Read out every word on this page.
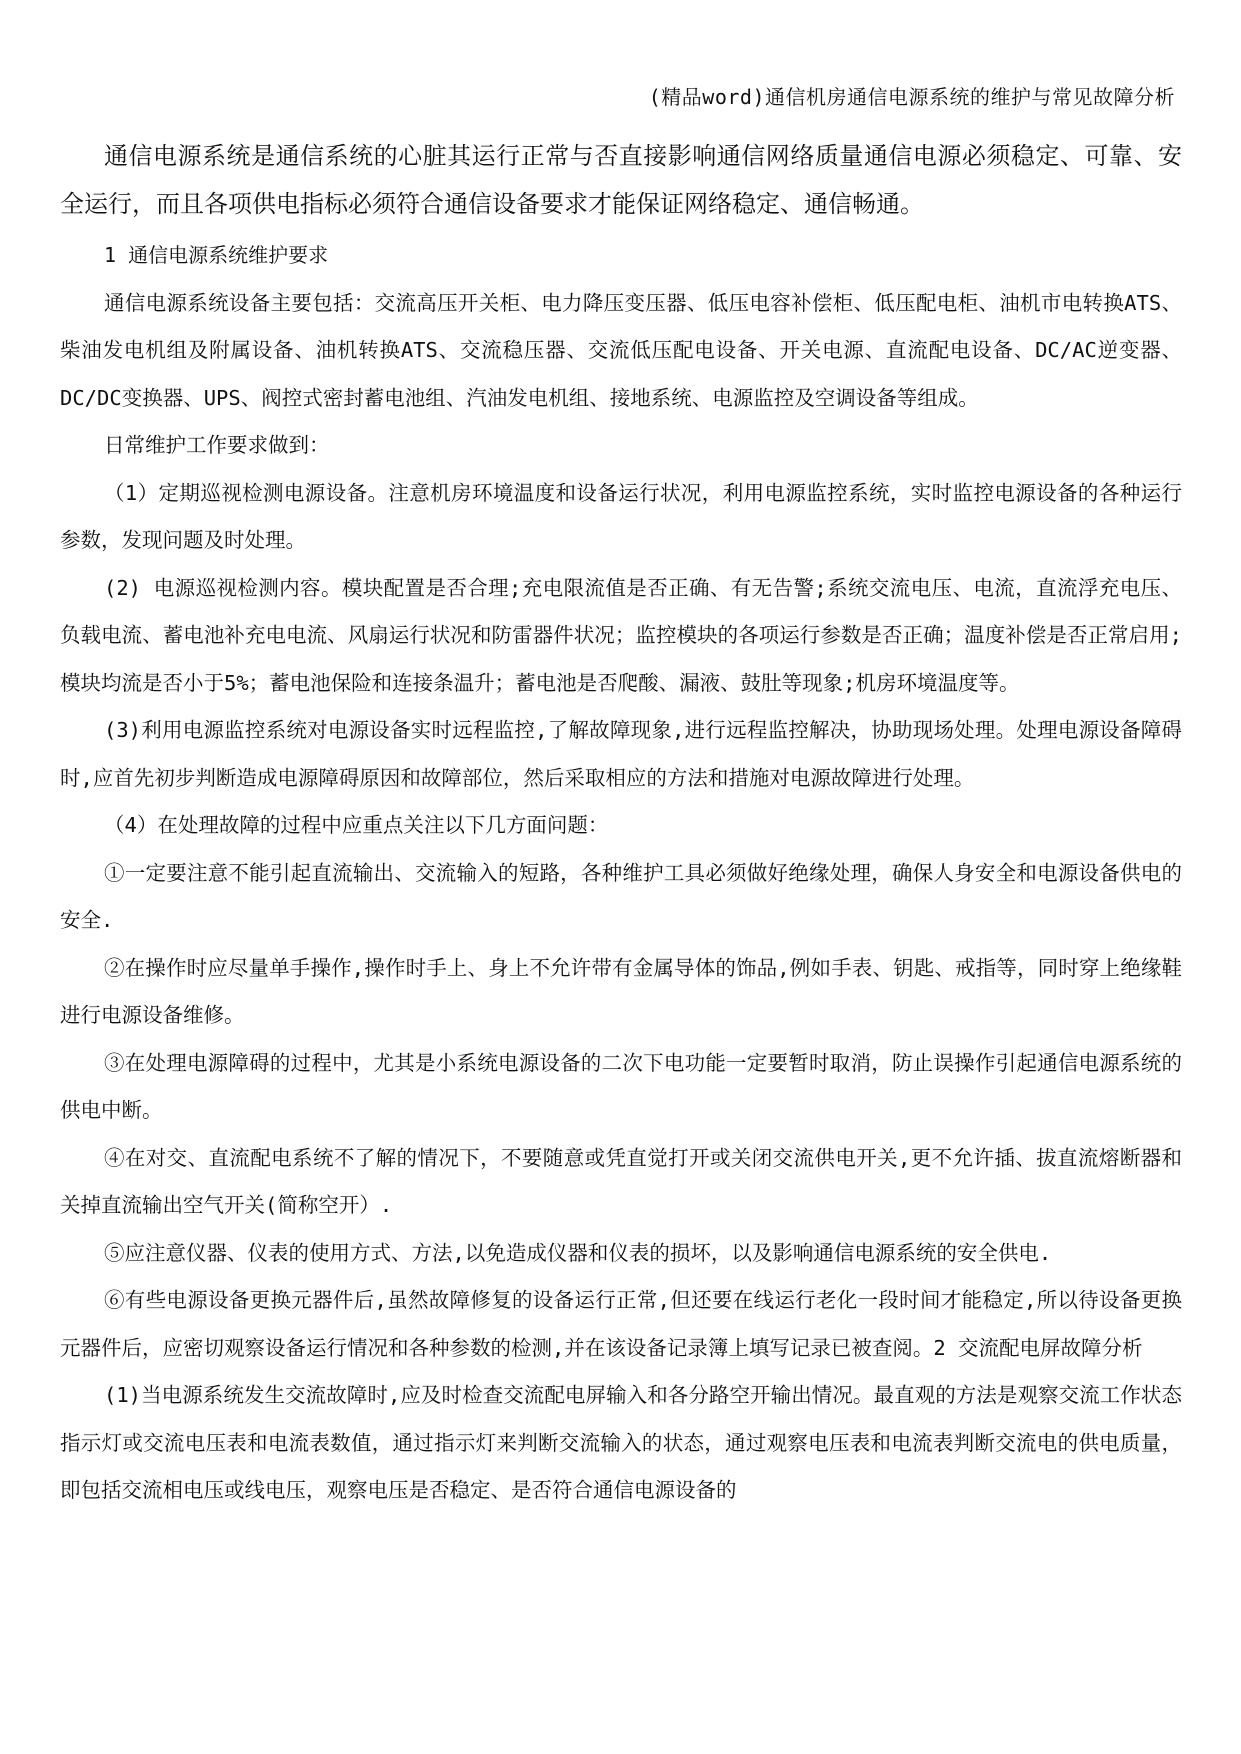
(精品word)通信机房通信电源系统的维护与常见故障分析

通信电源系统是通信系统的心脏其运行正常与否直接影响通信网络质量通信电源必须稳定、可靠、安全运行，而且各项供电指标必须符合通信设备要求才能保证网络稳定、通信畅通。

1 通信电源系统维护要求

通信电源系统设备主要包括：交流高压开关柜、电力降压变压器、低压电容补偿柜、低压配电柜、油机市电转换ATS、柴油发电机组及附属设备、油机转换ATS、交流稳压器、交流低压配电设备、开关电源、直流配电设备、DC/AC逆变器、DC/DC变换器、UPS、阀控式密封蓄电池组、汽油发电机组、接地系统、电源监控及空调设备等组成。

日常维护工作要求做到：

（1）定期巡视检测电源设备。注意机房环境温度和设备运行状况，利用电源监控系统，实时监控电源设备的各种运行参数，发现问题及时处理。

(2) 电源巡视检测内容。模块配置是否合理;充电限流值是否正确、有无告警;系统交流电压、电流，直流浮充电压、负载电流、蓄电池补充电电流、风扇运行状况和防雷器件状况；监控模块的各项运行参数是否正确；温度补偿是否正常启用;模块均流是否小于5%；蓄电池保险和连接条温升；蓄电池是否爬酸、漏液、鼓肚等现象;机房环境温度等。

(3)利用电源监控系统对电源设备实时远程监控,了解故障现象,进行远程监控解决，协助现场处理。处理电源设备障碍时,应首先初步判断造成电源障碍原因和故障部位，然后采取相应的方法和措施对电源故障进行处理。

（4）在处理故障的过程中应重点关注以下几方面问题：

①一定要注意不能引起直流输出、交流输入的短路，各种维护工具必须做好绝缘处理，确保人身安全和电源设备供电的安全.

②在操作时应尽量单手操作,操作时手上、身上不允许带有金属导体的饰品,例如手表、钥匙、戒指等，同时穿上绝缘鞋进行电源设备维修。

③在处理电源障碍的过程中，尤其是小系统电源设备的二次下电功能一定要暂时取消，防止误操作引起通信电源系统的供电中断。

④在对交、直流配电系统不了解的情况下，不要随意或凭直觉打开或关闭交流供电开关,更不允许插、拔直流熔断器和关掉直流输出空气开关(简称空开）.

⑤应注意仪器、仪表的使用方式、方法,以免造成仪器和仪表的损坏，以及影响通信电源系统的安全供电.

⑥有些电源设备更换元器件后,虽然故障修复的设备运行正常,但还要在线运行老化一段时间才能稳定,所以待设备更换元器件后，应密切观察设备运行情况和各种参数的检测,并在该设备记录簿上填写记录已被查阅。2 交流配电屏故障分析

(1)当电源系统发生交流故障时,应及时检查交流配电屏输入和各分路空开输出情况。最直观的方法是观察交流工作状态指示灯或交流电压表和电流表数值，通过指示灯来判断交流输入的状态，通过观察电压表和电流表判断交流电的供电质量，即包括交流相电压或线电压，观察电压是否稳定、是否符合通信电源设备的
